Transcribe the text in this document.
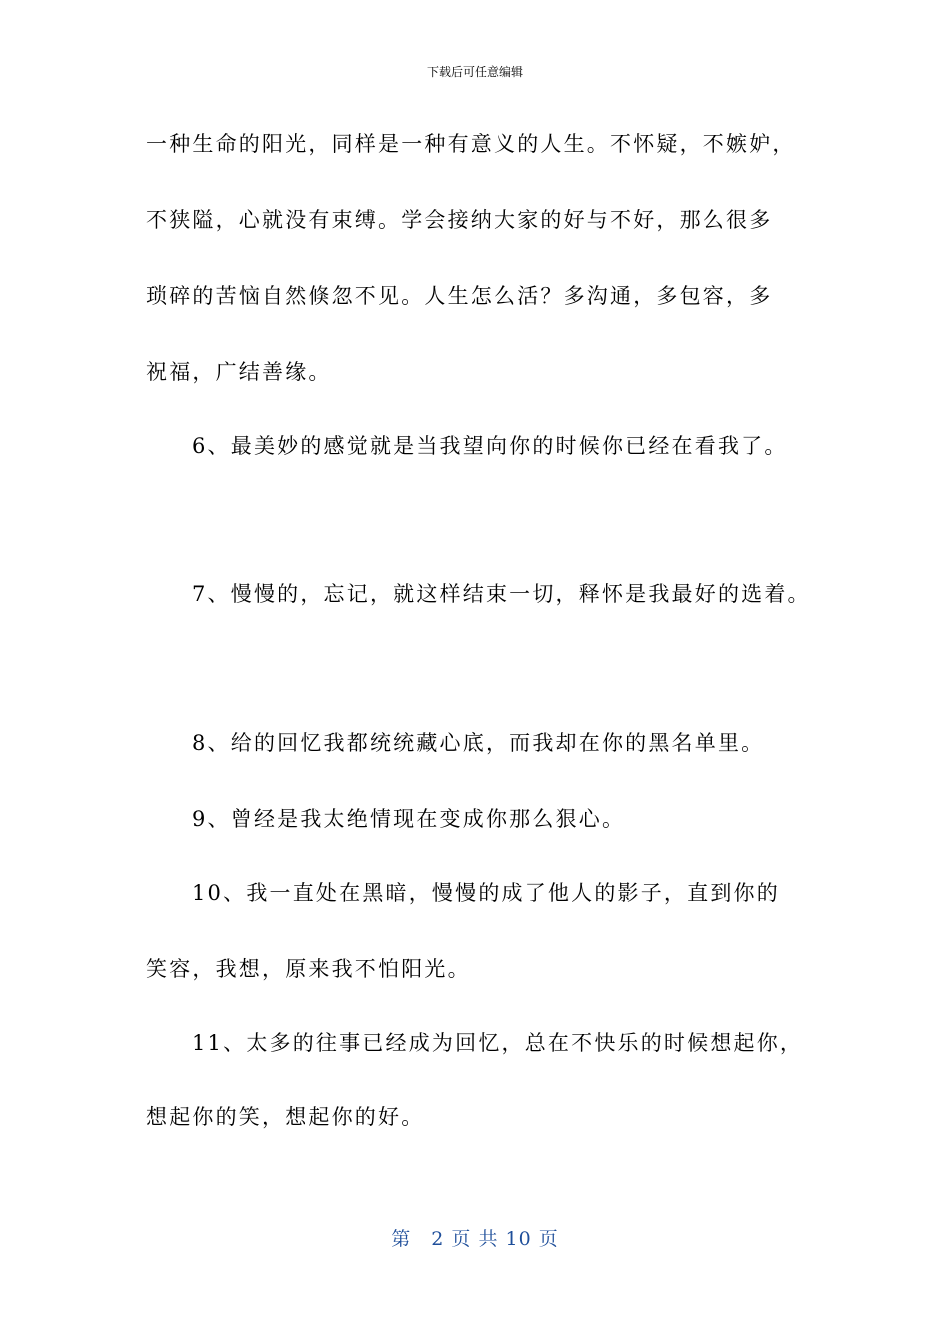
下载后可任意编辑
一种生命的阳光，同样是一种有意义的人生。不怀疑，不嫉妒，
不狭隘，心就没有束缚。学会接纳大家的好与不好，那么很多
琐碎的苦恼自然倏忽不见。人生怎么活？多沟通，多包容，多
祝福，广结善缘。
6、最美妙的感觉就是当我望向你的时候你已经在看我了。
7、慢慢的，忘记，就这样结束一切，释怀是我最好的选着。
8、给的回忆我都统统藏心底，而我却在你的黑名单里。
9、曾经是我太绝情现在变成你那么狠心。
10、我一直处在黑暗，慢慢的成了他人的影子，直到你的
笑容，我想，原来我不怕阳光。
11、太多的往事已经成为回忆，总在不快乐的时候想起你，
想起你的笑，想起你的好。
第　2 页 共 10 页
